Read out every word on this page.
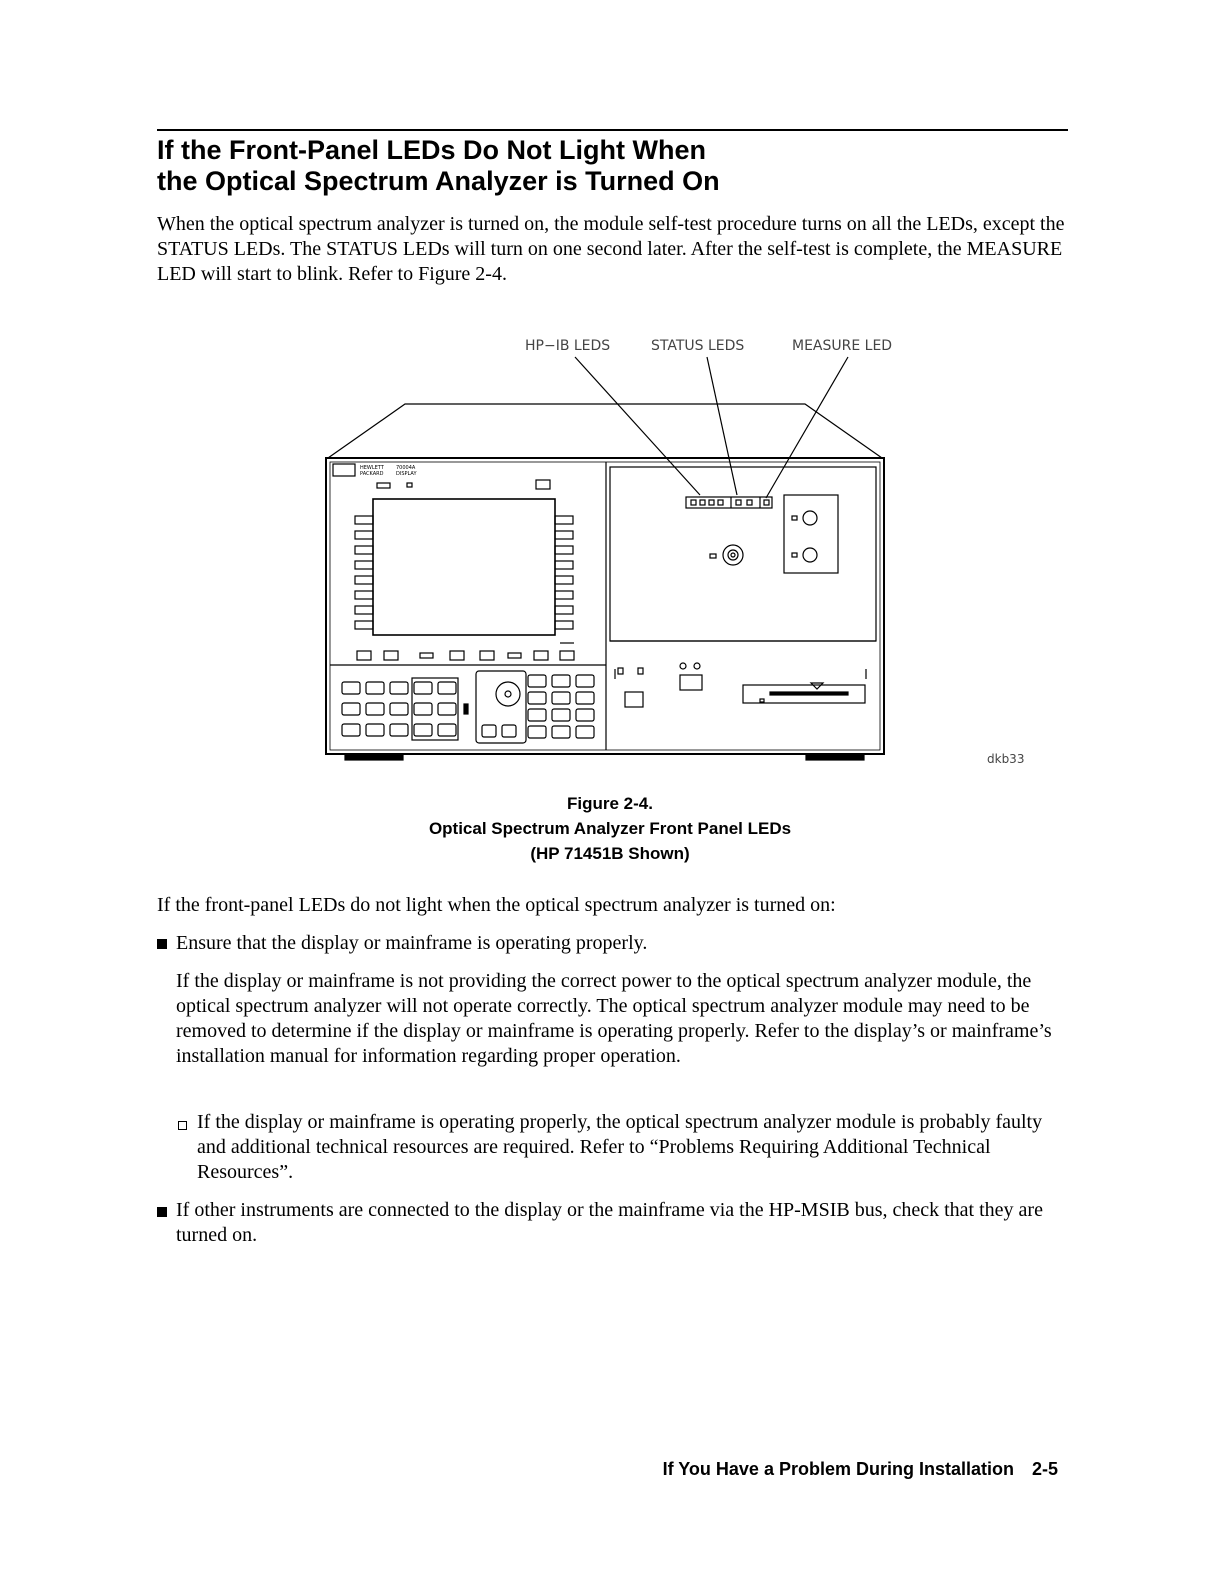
If the Front-Panel LEDs Do Not Light When
the Optical Spectrum Analyzer is Turned On

When the optical spectrum analyzer is turned on, the module self-test procedure turns on all the LEDs, except the STATUS LEDs. The STATUS LEDs will turn on one second later. After the self-test is complete, the MEASURE LED will start to blink. Refer to Figure 2-4.

HP−IB LEDS	STATUS LEDS	MEASURE LED
HEWLETT
PACKARD
70004A
DISPLAY
dkb33
Figure 2-4.
Optical Spectrum Analyzer Front Panel LEDs
(HP 71451B Shown)

If the front-panel LEDs do not light when the optical spectrum analyzer is turned on:

Ensure that the display or mainframe is operating properly.

If the display or mainframe is not providing the correct power to the optical spectrum analyzer module, the optical spectrum analyzer will not operate correctly. The optical spectrum analyzer module may need to be removed to determine if the display or mainframe is operating properly. Refer to the display’s or mainframe’s installation manual for information regarding proper operation.

If the display or mainframe is operating properly, the optical spectrum analyzer module is probably faulty and additional technical resources are required. Refer to “Problems Requiring Additional Technical Resources”.

If other instruments are connected to the display or the mainframe via the HP-MSIB bus, check that they are turned on.

If You Have a Problem During Installation 2-5
